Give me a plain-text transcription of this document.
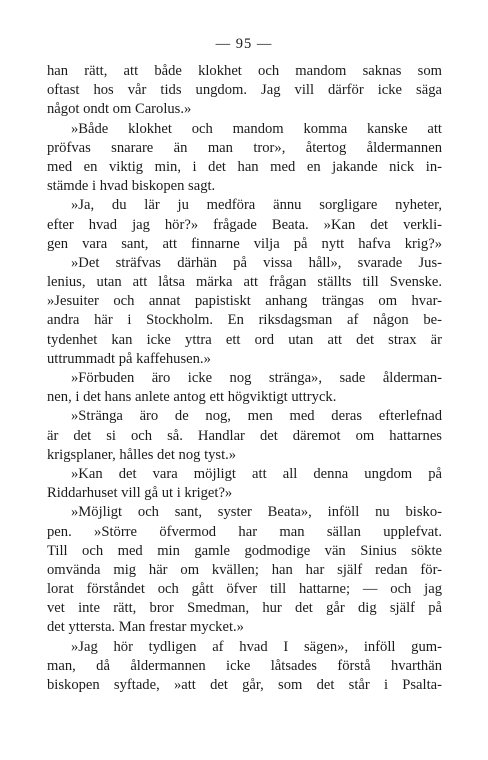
— 95 —
han rätt, att både klokhet och mandom saknas som
oftast hos vår tids ungdom. Jag vill därför icke säga
något ondt om Carolus.»
»Både klokhet och mandom komma kanske att
pröfvas snarare än man tror», återtog åldermannen
med en viktig min, i det han med en jakande nick in-
stämde i hvad biskopen sagt.
»Ja, du lär ju medföra ännu sorgligare nyheter,
efter hvad jag hör?» frågade Beata. »Kan det verkli-
gen vara sant, att finnarne vilja på nytt hafva krig?»
»Det sträfvas därhän på vissa håll», svarade Jus-
lenius, utan att låtsa märka att frågan ställts till Svenske.
»Jesuiter och annat papistiskt anhang trängas om hvar-
andra här i Stockholm. En riksdagsman af någon be-
tydenhet kan icke yttra ett ord utan att det strax är
uttrummadt på kaffehusen.»
»Förbuden äro icke nog stränga», sade ålderman-
nen, i det hans anlete antog ett högviktigt uttryck.
»Stränga äro de nog, men med deras efterlefnad
är det si och så. Handlar det däremot om hattarnes
krigsplaner, hålles det nog tyst.»
»Kan det vara möjligt att all denna ungdom på
Riddarhuset vill gå ut i kriget?»
»Möjligt och sant, syster Beata», inföll nu bisko-
pen. »Större öfvermod har man sällan upplefvat.
Till och med min gamle godmodige vän Sinius sökte
omvända mig här om kvällen; han har själf redan för-
lorat förståndet och gått öfver till hattarne; — och jag
vet inte rätt, bror Smedman, hur det går dig själf på
det yttersta. Man frestar mycket.»
»Jag hör tydligen af hvad I sägen», inföll gum-
man, då åldermannen icke låtsades förstå hvarthän
biskopen syftade, »att det går, som det står i Psalta-
